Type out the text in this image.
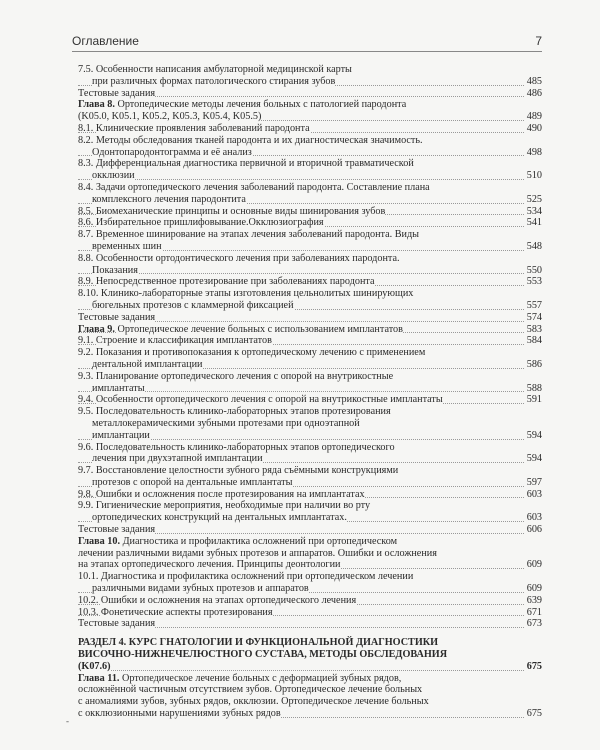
Оглавление	7
7.5. Особенности написания амбулаторной медицинской карты
при различных формах патологического стирания зубов	485
Тестовые задания	486
Глава 8. Ортопедические методы лечения больных с патологией пародонта
(K05.0, K05.1, K05.2, K05.3, K05.4, K05.5)	489
8.1. Клинические проявления заболеваний пародонта	490
8.2. Методы обследования тканей пародонта и их диагностическая значимость.
Одонтопародонтограмма и её анализ	498
8.3. Дифференциальная диагностика первичной и вторичной травматической
окклюзии	510
8.4. Задачи ортопедического лечения заболеваний пародонта. Составление плана
комплексного лечения пародонтита	525
8.5. Биомеханические принципы и основные виды шинирования зубов	534
8.6. Избирательное пришлифовывание.Окклюзиография	541
8.7. Временное шинирование на этапах лечения заболеваний пародонта. Виды
временных шин	548
8.8. Особенности ортодонтического лечения при заболеваниях пародонта.
Показания	550
8.9. Непосредственное протезирование при заболеваниях пародонта	553
8.10. Клинико-лабораторные этапы изготовления цельнолитых шинирующих
бюгельных протезов с кламмерной фиксацией	557
Тестовые задания	574
Глава 9. Ортопедическое лечение больных с использованием имплантатов	583
9.1. Строение и классификация имплантатов	584
9.2. Показания и противопоказания к ортопедическому лечению с применением
дентальной имплантации	586
9.3. Планирование ортопедического лечения с опорой на внутрикостные
имплантаты	588
9.4. Особенности ортопедического лечения с опорой на внутрикостные имплантаты	591
9.5. Последовательность клинико-лабораторных этапов протезирования
металлокерамическими зубными протезами при одноэтапной
имплантации	594
9.6. Последовательность клинико-лабораторных этапов ортопедического
лечения при двухэтапной имплантации	594
9.7. Восстановление целостности зубного ряда съёмными конструкциями
протезов с опорой на дентальные имплантаты	597
9.8. Ошибки и осложнения после протезирования на имплантатах	603
9.9. Гигиенические мероприятия, необходимые при наличии во рту
ортопедических конструкций на дентальных имплантатах.	603
Тестовые задания	606
Глава 10. Диагностика и профилактика осложнений при ортопедическом
лечении различными видами зубных протезов и аппаратов. Ошибки и осложнения
на этапах ортопедического лечения. Принципы деонтологии	609
10.1. Диагностика и профилактика осложнений при ортопедическом лечении
различными видами зубных протезов и аппаратов	609
10.2. Ошибки и осложнения на этапах ортопедического лечения	639
10.3. Фонетические аспекты протезирования	671
Тестовые задания	673
РАЗДЕЛ 4. КУРС ГНАТОЛОГИИ И ФУНКЦИОНАЛЬНОЙ ДИАГНОСТИКИ
ВИСОЧНО-НИЖНЕЧЕЛЮСТНОГО СУСТАВА, МЕТОДЫ ОБСЛЕДОВАНИЯ
(K07.6)	675
Глава 11. Ортопедическое лечение больных с деформацией зубных рядов,
осложнённой частичным отсутствием зубов. Ортопедическое лечение больных
с аномалиями зубов, зубных рядов, окклюзии. Ортопедическое лечение больных
с окклюзионными нарушениями зубных рядов	675
-
